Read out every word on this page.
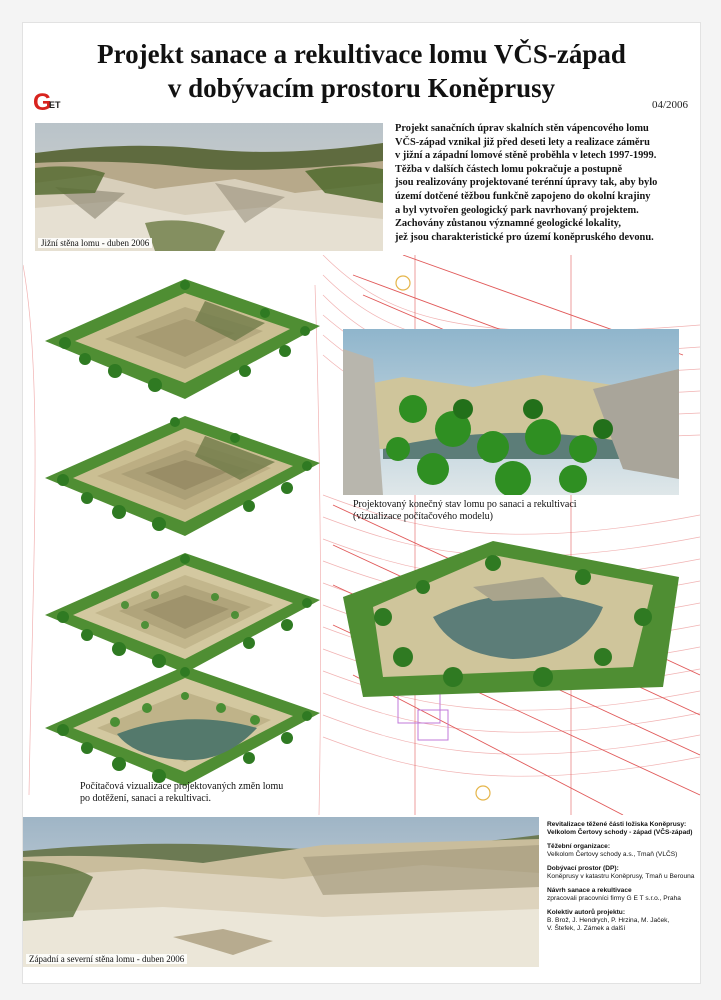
Projekt sanace a rekultivace lomu VČS-západ
v dobývacím prostoru Koněprusy
G
ET	04/2006
Jižní stěna lomu - duben 2006

Projekt sanačních úprav skalních stěn vápencového lomu
VČS-západ vznikal již před deseti lety a realizace záměru
v jižní a západní lomové stěně proběhla v letech 1997-1999.
Těžba v dalších částech lomu pokračuje a postupně
jsou realizovány projektované terénní úpravy tak, aby bylo
území dotčené těžbou funkčně zapojeno do okolní krajiny
a byl vytvořen geologický park navrhovaný projektem.
Zachovány zůstanou významné geologické lokality,
jež jsou charakteristické pro území koněpruského devonu.

Počítačová vizualizace projektovaných změn lomu
po dotěžení, sanaci a rekultivaci.
Projektovaný konečný stav lomu po sanaci a rekultivaci
(vizualizace počítačového modelu)
Západní a severní stěna lomu - duben 2006
Revitalizace těžené části ložiska Koněprusy:
Velkolom Čertovy schody - západ (VČS-západ)
Těžební organizace:
Velkolom Čertovy schody a.s., Tmaň (VLČS)
Dobývací prostor (DP):
Koněprusy v katastru Koněprusy, Tmaň u Berouna
Návrh sanace a rekultivace
zpracovali pracovníci firmy G E T s.r.o., Praha
Kolektiv autorů projektu:
B. Brož, J. Hendrych, P. Hrzina, M. Jaček,
V. Štefek, J. Zámek a další
